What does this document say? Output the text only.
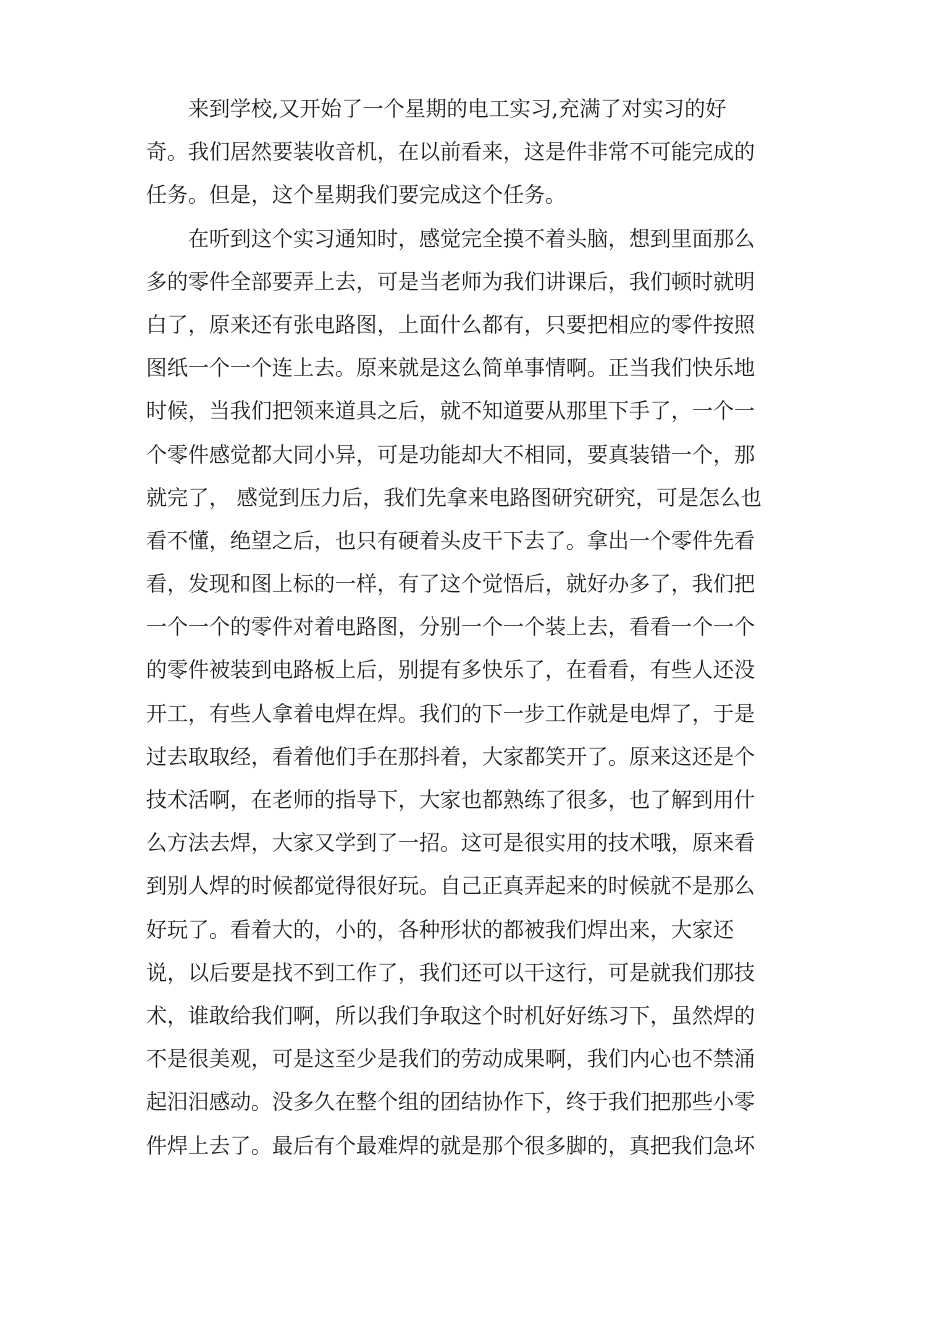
来到学校,又开始了一个星期的电工实习,充满了对实习的好
奇。我们居然要装收音机，在以前看来，这是件非常不可能完成的
任务。但是，这个星期我们要完成这个任务。
在听到这个实习通知时，感觉完全摸不着头脑，想到里面那么
多的零件全部要弄上去，可是当老师为我们讲课后，我们顿时就明
白了，原来还有张电路图，上面什么都有，只要把相应的零件按照
图纸一个一个连上去。原来就是这么简单事情啊。正当我们快乐地
时候，当我们把领来道具之后，就不知道要从那里下手了，一个一
个零件感觉都大同小异，可是功能却大不相同，要真装错一个，那
就完了， 感觉到压力后，我们先拿来电路图研究研究，可是怎么也
看不懂，绝望之后，也只有硬着头皮干下去了。拿出一个零件先看
看，发现和图上标的一样，有了这个觉悟后，就好办多了，我们把
一个一个的零件对着电路图，分别一个一个装上去，看看一个一个
的零件被装到电路板上后，别提有多快乐了，在看看，有些人还没
开工，有些人拿着电焊在焊。我们的下一步工作就是电焊了，于是
过去取取经，看着他们手在那抖着，大家都笑开了。原来这还是个
技术活啊，在老师的指导下，大家也都熟练了很多，也了解到用什
么方法去焊，大家又学到了一招。这可是很实用的技术哦，原来看
到别人焊的时候都觉得很好玩。自己正真弄起来的时候就不是那么
好玩了。看着大的，小的，各种形状的都被我们焊出来，大家还
说，以后要是找不到工作了，我们还可以干这行，可是就我们那技
术，谁敢给我们啊，所以我们争取这个时机好好练习下，虽然焊的
不是很美观，可是这至少是我们的劳动成果啊，我们内心也不禁涌
起汨汨感动。没多久在整个组的团结协作下，终于我们把那些小零
件焊上去了。最后有个最难焊的就是那个很多脚的，真把我们急坏
